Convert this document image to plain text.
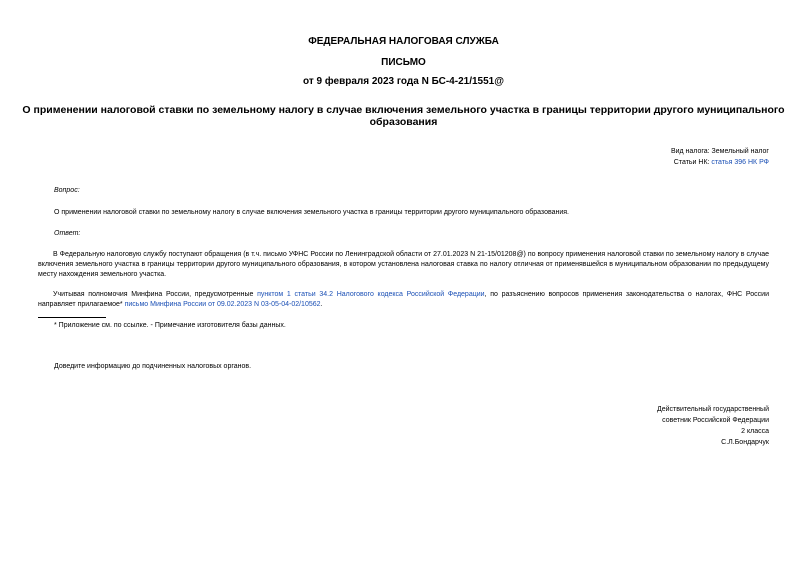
ФЕДЕРАЛЬНАЯ НАЛОГОВАЯ СЛУЖБА
ПИСЬМО
от 9 февраля 2023 года N БС-4-21/1551@
О применении налоговой ставки по земельному налогу в случае включения земельного участка в границы территории другого муниципального образования
Вид налога: Земельный налог
Статьи НК: статья 396 НК РФ
Вопрос:
О применении налоговой ставки по земельному налогу в случае включения земельного участка в границы территории другого муниципального образования.
Ответ:
В Федеральную налоговую службу поступают обращения (в т.ч. письмо УФНС России по Ленинградской области от 27.01.2023 N 21-15/01208@) по вопросу применения налоговой ставки по земельному налогу в случае включения земельного участка в границы территории другого муниципального образования, в котором установлена налоговая ставка по налогу отличная от применявшейся в муниципальном образовании по предыдущему месту нахождения земельного участка.
Учитывая полномочия Минфина России, предусмотренные пунктом 1 статьи 34.2 Налогового кодекса Российской Федерации, по разъяснению вопросов применения законодательства о налогах, ФНС России направляет прилагаемое* письмо Минфина России от 09.02.2023 N 03-05-04-02/10562.
* Приложение см. по ссылке. - Примечание изготовителя базы данных.
Доведите информацию до подчиненных налоговых органов.
Действительный государственный
советник Российской Федерации
2 класса
С.Л.Бондарчук
